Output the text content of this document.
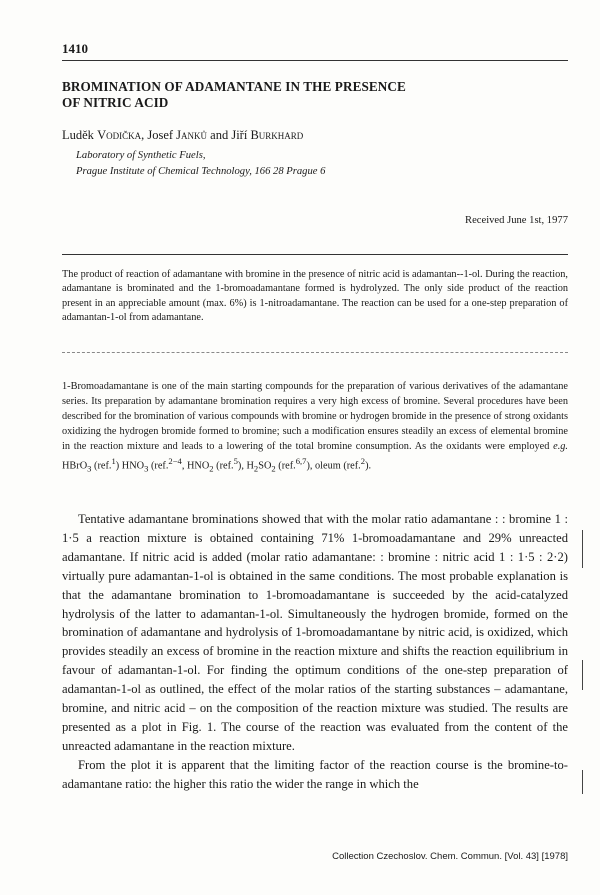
1410
BROMINATION OF ADAMANTANE IN THE PRESENCE
OF NITRIC ACID
Luděk Vodička, Josef Janků and Jiří Burkhard
Laboratory of Synthetic Fuels,
Prague Institute of Chemical Technology, 166 28 Prague 6
Received June 1st, 1977
The product of reaction of adamantane with bromine in the presence of nitric acid is adamantan--1-ol. During the reaction, adamantane is brominated and the 1-bromoadamantane formed is hydrolyzed. The only side product of the reaction present in an appreciable amount (max. 6%) is 1-nitroadamantane. The reaction can be used for a one-step preparation of adamantan-1-ol from adamantane.
1-Bromoadamantane is one of the main starting compounds for the preparation of various derivatives of the adamantane series. Its preparation by adamantane bromination requires a very high excess of bromine. Several procedures have been described for the bromination of various compounds with bromine or hydrogen bromide in the presence of strong oxidants oxidizing the hydrogen bromide formed to bromine; such a modification ensures steadily an excess of elemental bromine in the reaction mixture and leads to a lowering of the total bromine consumption. As the oxidants were employed e.g. HBrO$_3$ (ref.$^1$) $HNO_3$ (ref.$^{2-4}$, $HNO_2$ (ref.$^5$), $H_2SO_2$ (ref.$^{6,7}$), oleum (ref.$^2$).

Tentative adamantane brominations showed that with the molar ratio adamantane : : bromine 1 : 1·5 a reaction mixture is obtained containing 71% 1-bromoadamantane and 29% unreacted adamantane. If nitric acid is added (molar ratio adamantane: : bromine : nitric acid 1 : 1·5 : 2·2) virtually pure adamantan-1-ol is obtained in the same conditions. The most probable explanation is that the adamantane bromination to 1-bromoadamantane is succeeded by the acid-catalyzed hydrolysis of the latter to adamantan-1-ol. Simultaneously the hydrogen bromide, formed on the bromination of adamantane and hydrolysis of 1-bromoadamantane by nitric acid, is oxidized, which provides steadily an excess of bromine in the reaction mixture and shifts the reaction equilibrium in favour of adamantan-1-ol. For finding the optimum conditions of the one-step preparation of adamantan-1-ol as outlined, the effect of the molar ratios of the starting substances – adamantane, bromine, and nitric acid – on the composition of the reaction mixture was studied. The results are presented as a plot in Fig. 1. The course of the reaction was evaluated from the content of the unreacted adamantane in the reaction mixture.

From the plot it is apparent that the limiting factor of the reaction course is the bromine-to-adamantane ratio: the higher this ratio the wider the range in which the

Collection Czechoslov. Chem. Commun. [Vol. 43] [1978]
